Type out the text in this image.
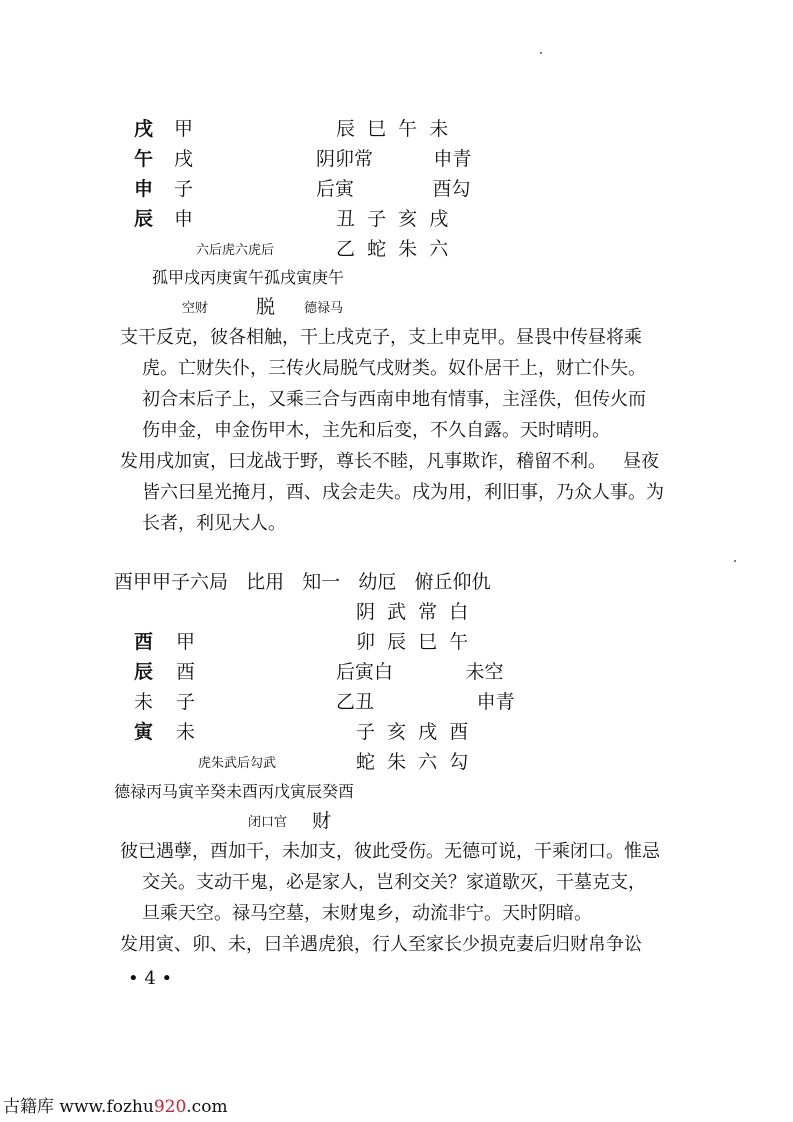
戌 甲	辰  巳  午  未
午 戌	阴卯常          申青
申 子	后寅             酉勾
辰 申	丑  子  亥  戌
六后虎六虎后	乙  蛇  朱  六
孤甲戌丙庚寅午孤戌寅庚午
空财	脱 德禄马
支干反克，彼各相触，干上戌克子，支上申克甲。昼畏中传昼将乘
虎。亡财失仆，三传火局脱气戌财类。奴仆居干上，财亡仆失。
初合末后子上，又乘三合与西南申地有情事，主淫佚，但传火而
伤申金，申金伤甲木，主先和后变，不久自露。天时晴明。
发用戌加寅，曰龙战于野，尊长不睦，凡事欺诈，稽留不利。   昼夜
皆六曰星光掩月，酉、戌会走失。戌为用，利旧事，乃众人事。为
长者，利见大人。
酉甲甲子六局   比用   知一   幼厄   俯丘仰仇
阴  武  常  白
酉 甲	卯  辰  巳  午
辰 酉	后寅白            未空
未 子	乙丑                 申青
寅 未	子  亥  戌  酉
虎朱武后勾武	蛇  朱  六  勾
德禄丙马寅辛癸未酉丙戊寅辰癸酉
闭口官 财
彼已遇孽，酉加干，未加支，彼此受伤。无德可说，干乘闭口。惟忌
交关。支动干鬼，必是家人，岂利交关？家道歇灭，干墓克支，
旦乘天空。禄马空墓，末财鬼乡，动流非宁。天时阴暗。
发用寅、卯、未，曰羊遇虎狼，行人至家长少损克妻后归财帛争讼
• 4 •
古籍库 www.fozhu920.com
